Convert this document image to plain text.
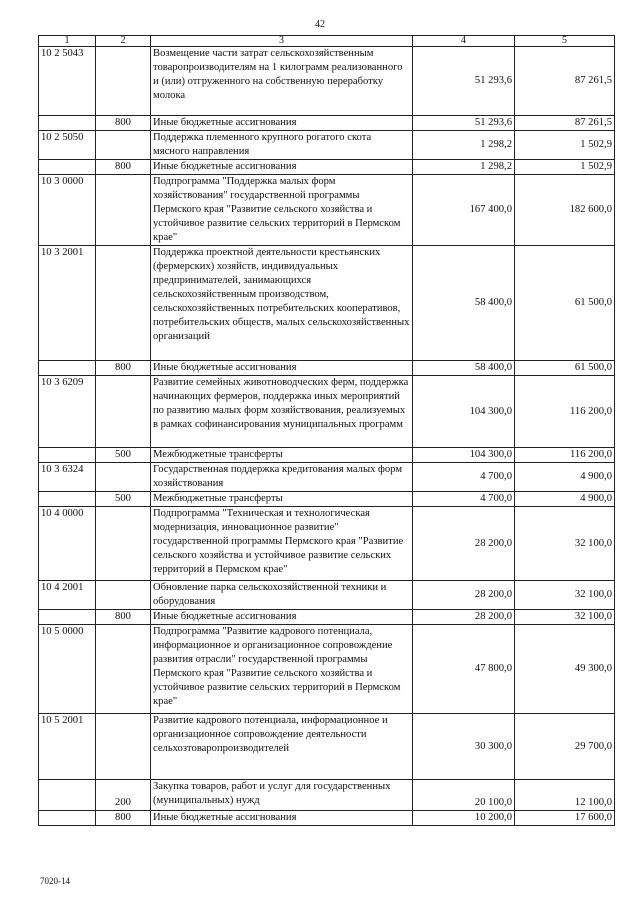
42
1	2	3	4	5
10 2 5043		Возмещение части затрат сельскохозяйственным товаропроизводителям на 1 килограмм реализованного и (или) отгруженного на собственную переработку молока	51 293,6	87 261,5
	800	Иные бюджетные ассигнования	51 293,6	87 261,5
10 2 5050		Поддержка племенного крупного рогатого скота мясного направления	1 298,2	1 502,9
	800	Иные бюджетные ассигнования	1 298,2	1 502,9
10 3 0000		Подпрограмма "Поддержка малых форм хозяйствования" государственной программы Пермского края "Развитие сельского хозяйства и устойчивое развитие сельских территорий в Пермском крае"	167 400,0	182 600,0
10 3 2001		Поддержка проектной деятельности крестьянских (фермерских) хозяйств, индивидуальных предпринимателей, занимающихся сельскохозяйственным производством, сельскохозяйственных потребительских кооперативов, потребительских обществ, малых сельскохозяйственных организаций	58 400,0	61 500,0
	800	Иные бюджетные ассигнования	58 400,0	61 500,0
10 3 6209		Развитие семейных животноводческих ферм, поддержка начинающих фермеров, поддержка иных мероприятий по развитию малых форм хозяйствования, реализуемых в рамках софинансирования муниципальных программ	104 300,0	116 200,0
	500	Межбюджетные трансферты	104 300,0	116 200,0
10 3 6324		Государственная поддержка кредитования малых форм хозяйствования	4 700,0	4 900,0
	500	Межбюджетные трансферты	4 700,0	4 900,0
10 4 0000		Подпрограмма "Техническая и технологическая модернизация, инновационное развитие" государственной программы Пермского края "Развитие сельского хозяйства и устойчивое развитие сельских территорий в Пермском крае"	28 200,0	32 100,0
10 4 2001		Обновление парка сельскохозяйственной техники и оборудования	28 200,0	32 100,0
	800	Иные бюджетные ассигнования	28 200,0	32 100,0
10 5 0000		Подпрограмма "Развитие кадрового потенциала, информационное и организационное сопровождение развития отрасли" государственной программы Пермского края "Развитие сельского хозяйства и устойчивое развитие сельских территорий в Пермском крае"	47 800,0	49 300,0
10 5 2001		Развитие кадрового потенциала, информационное и организационное сопровождение деятельности сельхозтоваропроизводителей	30 300,0	29 700,0
	200	Закупка товаров, работ и услуг для государственных (муниципальных) нужд	20 100,0	12 100,0
	800	Иные бюджетные ассигнования	10 200,0	17 600,0
7020-14
